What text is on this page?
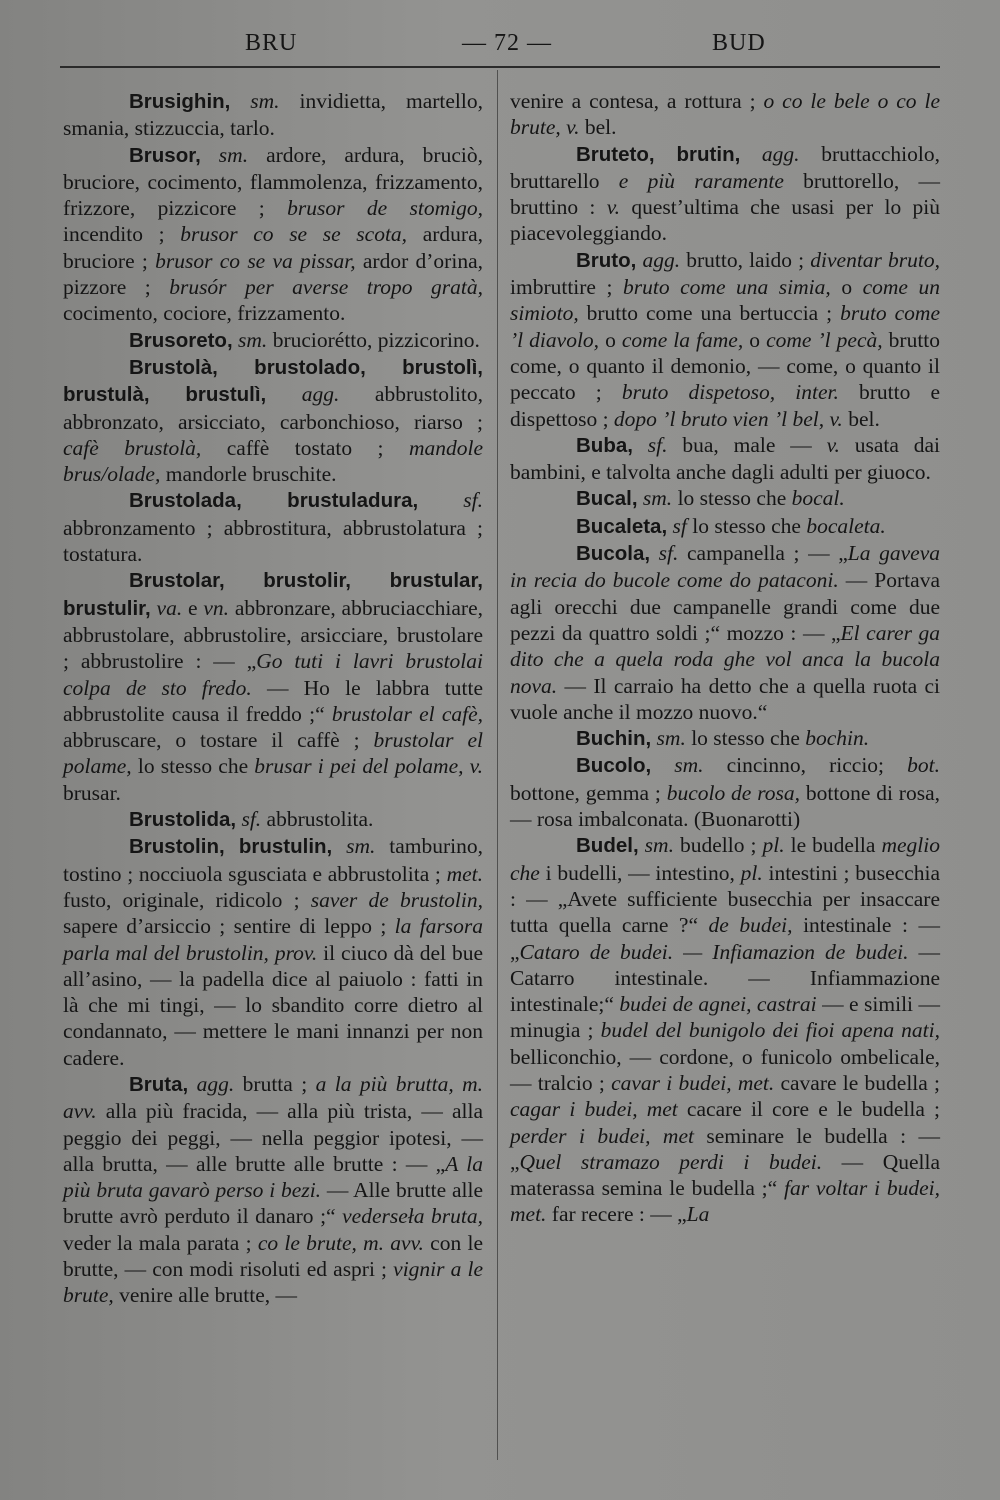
BRU	— 72 —	BUD

Brusighin, sm. invidietta, martello, smania, stizzuccia, tarlo.

Brusor, sm. ardore, ardura, bruciò, bruciore, cocimento, flammolenza, frizzamento, frizzore, pizzicore ; brusor de stomigo, incendito ; brusor co se se scota, ardura, bruciore ; brusor co se va pissar, ardor d’orina, pizzore ; brusór per averse tropo gratà, cocimento, cociore, frizzamento.

Brusoreto, sm. bruciorétto, pizzicorino.

Brustolà, brustolado, brustolì, brustulà, brustulì, agg. abbrustolito, abbronzato, arsicciato, carbonchioso, riarso ; cafè brustolà, caffè tostato ; mandole brus/olade, mandorle bruschite.

Brustolada, brustuladura, sf. abbronzamento ; abbrostitura, abbrustolatura ; tostatura.

Brustolar, brustolir, brustular, brustulir, va. e vn. abbronzare, abbruciacchiare, abbrustolare, abbrustolire, arsicciare, brustolare ; abbrustolire : — „Go tuti i lavri brustolai colpa de sto fredo. — Ho le labbra tutte abbrustolite causa il freddo ;“ brustolar el cafè, abbruscare, o tostare il caffè ; brustolar el polame, lo stesso che brusar i pei del polame, v. brusar.

Brustolida, sf. abbrustolita.

Brustolin, brustulin, sm. tamburino, tostino ; nocciuola sgusciata e abbrustolita ; met. fusto, originale, ridicolo ; saver de brustolin, sapere d’arsiccio ; sentire di leppo ; la farsora parla mal del brustolin, prov. il ciuco dà del bue all’asino, — la padella dice al paiuolo : fatti in là che mi tingi, — lo sbandito corre dietro al condannato, — mettere le mani innanzi per non cadere.

Bruta, agg. brutta ; a la più brutta, m. avv. alla più fracida, — alla più trista, — alla peggio dei peggi, — nella peggior ipotesi, — alla brutta, — alle brutte alle brutte : — „A la più bruta gavarò perso i bezi. — Alle brutte alle brutte avrò perduto il danaro ;“ vederseła bruta, veder la mala parata ; co le brute, m. avv. con le brutte, — con modi risoluti ed aspri ; vignir a le brute, venire alle brutte, —

venire a contesa, a rottura ; o co le bele o co le brute, v. bel.

Bruteto, brutin, agg. bruttacchiolo, bruttarello e più raramente bruttorello, — bruttino : v. quest’ultima che usasi per lo più piacevoleggiando.

Bruto, agg. brutto, laido ; diventar bruto, imbruttire ; bruto come una simia, o come un simioto, brutto come una bertuccia ; bruto come ’l diavolo, o come la fame, o come ’l pecà, brutto come, o quanto il demonio, — come, o quanto il peccato ; bruto dispetoso, inter. brutto e dispettoso ; dopo ’l bruto vien ’l bel, v. bel.

Buba, sf. bua, male — v. usata dai bambini, e talvolta anche dagli adulti per giuoco.

Bucal, sm. lo stesso che bocal.

Bucaleta, sf lo stesso che bocaleta.

Bucola, sf. campanella ; — „La gaveva in recia do bucole come do pataconi. — Portava agli orecchi due campanelle grandi come due pezzi da quattro soldi ;“ mozzo : — „El carer ga dito che a quela roda ghe vol anca la bucola nova. — Il carraio ha detto che a quella ruota ci vuole anche il mozzo nuovo.“

Buchin, sm. lo stesso che bochin.

Bucolo, sm. cincinno, riccio; bot. bottone, gemma ; bucolo de rosa, bottone di rosa, — rosa imbalconata. (Buonarotti)

Budel, sm. budello ; pl. le budella meglio che i budelli, — intestino, pl. intestini ; busecchia : — „Avete sufficiente busecchia per insaccare tutta quella carne ?“ de budei, intestinale : — „Cataro de budei. — Infiamazion de budei. — Catarro intestinale. — Infiammazione intestinale;“ budei de agnei, castrai — e simili — minugia ; budel del bunigolo dei fioi apena nati, belliconchio, — cordone, o funicolo ombelicale, — tralcio ; cavar i budei, met. cavare le budella ; cagar i budei, met cacare il core e le budella ; perder i budei, met seminare le budella : — „Quel stramazo perdi i budei. — Quella materassa semina le budella ;“ far voltar i budei, met. far recere : — „La
